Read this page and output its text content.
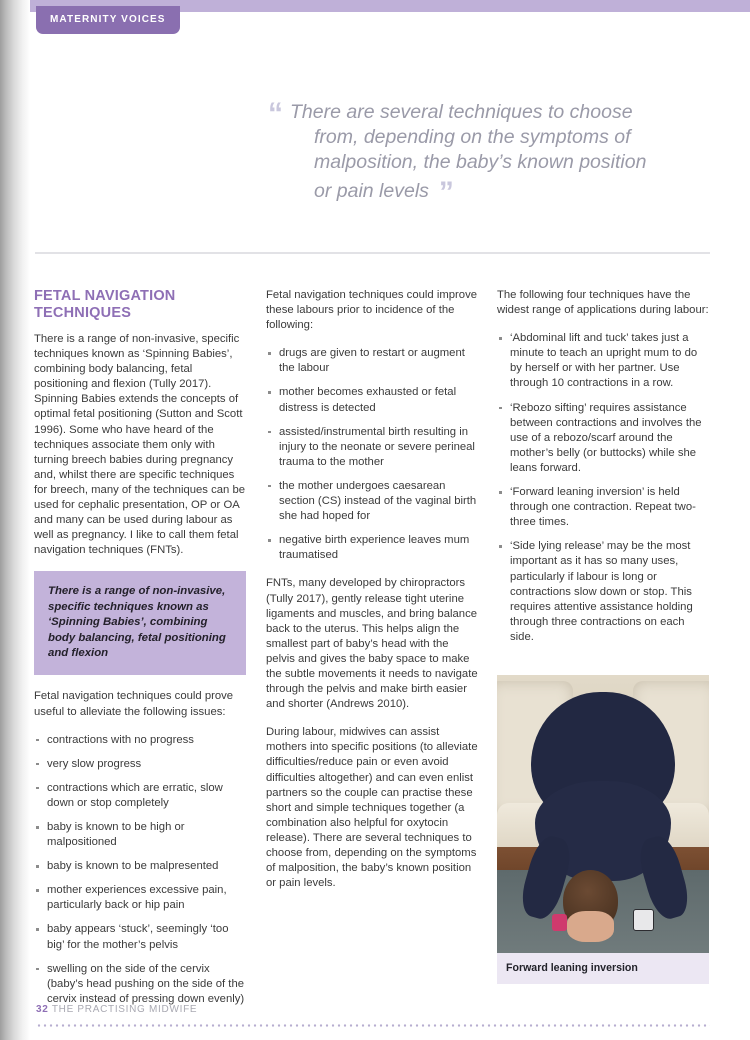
MATERNITY VOICES
“ There are several techniques to choose
from, depending on the symptoms of
malposition, the baby’s known position
or pain levels ”
FETAL NAVIGATION TECHNIQUES

There is a range of non-invasive, specific techniques known as ‘Spinning Babies’, combining body balancing, fetal positioning and flexion (Tully 2017). Spinning Babies extends the concepts of optimal fetal positioning (Sutton and Scott 1996). Some who have heard of the techniques associate them only with turning breech babies during pregnancy and, whilst there are specific techniques for breech, many of the techniques can be used for cephalic presentation, OP or OA and many can be used during labour as well as pregnancy. I like to call them fetal navigation techniques (FNTs).

There is a range of non-invasive, specific techniques known as ‘Spinning Babies’, combining body balancing, fetal positioning and flexion

Fetal navigation techniques could prove useful to alleviate the following issues:

contractions with no progress
very slow progress
contractions which are erratic, slow down or stop completely
baby is known to be high or malpositioned
baby is known to be malpresented
mother experiences excessive pain, particularly back or hip pain
baby appears ‘stuck’, seemingly ‘too big’ for the mother’s pelvis
swelling on the side of the cervix (baby’s head pushing on the side of the cervix instead of pressing down evenly)

Fetal navigation techniques could improve these labours prior to incidence of the following:

drugs are given to restart or augment the labour
mother becomes exhausted or fetal distress is detected
assisted/instrumental birth resulting in injury to the neonate or severe perineal trauma to the mother
the mother undergoes caesarean section (CS) instead of the vaginal birth she had hoped for
negative birth experience leaves mum traumatised

FNTs, many developed by chiropractors (Tully 2017), gently release tight uterine ligaments and muscles, and bring balance back to the uterus. This helps align the smallest part of baby’s head with the pelvis and gives the baby space to make the subtle movements it needs to navigate through the pelvis and make birth easier and shorter (Andrews 2010).

During labour, midwives can assist mothers into specific positions (to alleviate difficulties/reduce pain or even avoid difficulties altogether) and can even enlist partners so the couple can practise these short and simple techniques together (a combination also helpful for oxytocin release). There are several techniques to choose from, depending on the symptoms of malposition, the baby’s known position or pain levels.

The following four techniques have the widest range of applications during labour:

‘Abdominal lift and tuck’ takes just a minute to teach an upright mum to do by herself or with her partner. Use through 10 contractions in a row.
‘Rebozo sifting’ requires assistance between contractions and involves the use of a rebozo/scarf around the mother’s belly (or buttocks) while she leans forward.
‘Forward leaning inversion’ is held through one contraction. Repeat two-three times.
‘Side lying release’ may be the most important as it has so many uses, particularly if labour is long or contractions slow down or stop. This requires attentive assistance holding through three contractions on each side.
Forward leaning inversion
32 THE PRACTISING MIDWIFE
